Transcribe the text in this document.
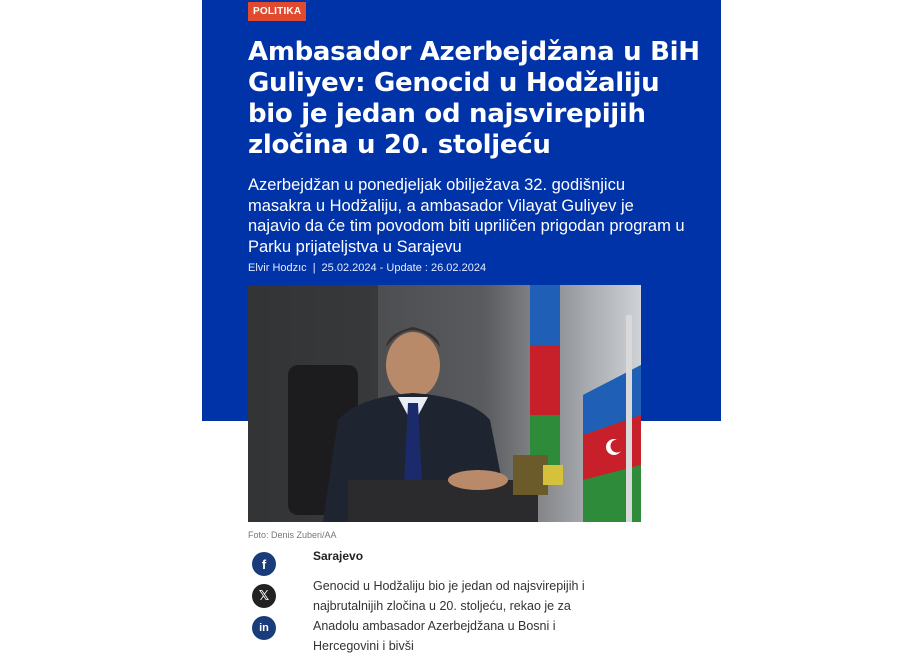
POLITIKA
Ambasador Azerbejdžana u BiH Guliyev: Genocid u Hodžaliju bio je jedan od najsvirepijih zločina u 20. stoljeću

Azerbejdžan u ponedjeljak obilježava 32. godišnjicu masakra u Hodžaliju, a ambasador Vilayat Guliyev je najavio da će tim povodom biti upriličen prigodan program u Parku prijateljstva u Sarajevu

Elvir Hodzıc | 25.02.2024 - Update : 26.02.2024
Foto: Denis Zuberi/AA
f
𝕏
in
Sarajevo

Genocid u Hodžaliju bio je jedan od najsvirepijih i najbrutalnijih zločina u 20. stoljeću, rekao je za Anadolu ambasador Azerbejdžana u Bosni i Hercegovini i bivši
